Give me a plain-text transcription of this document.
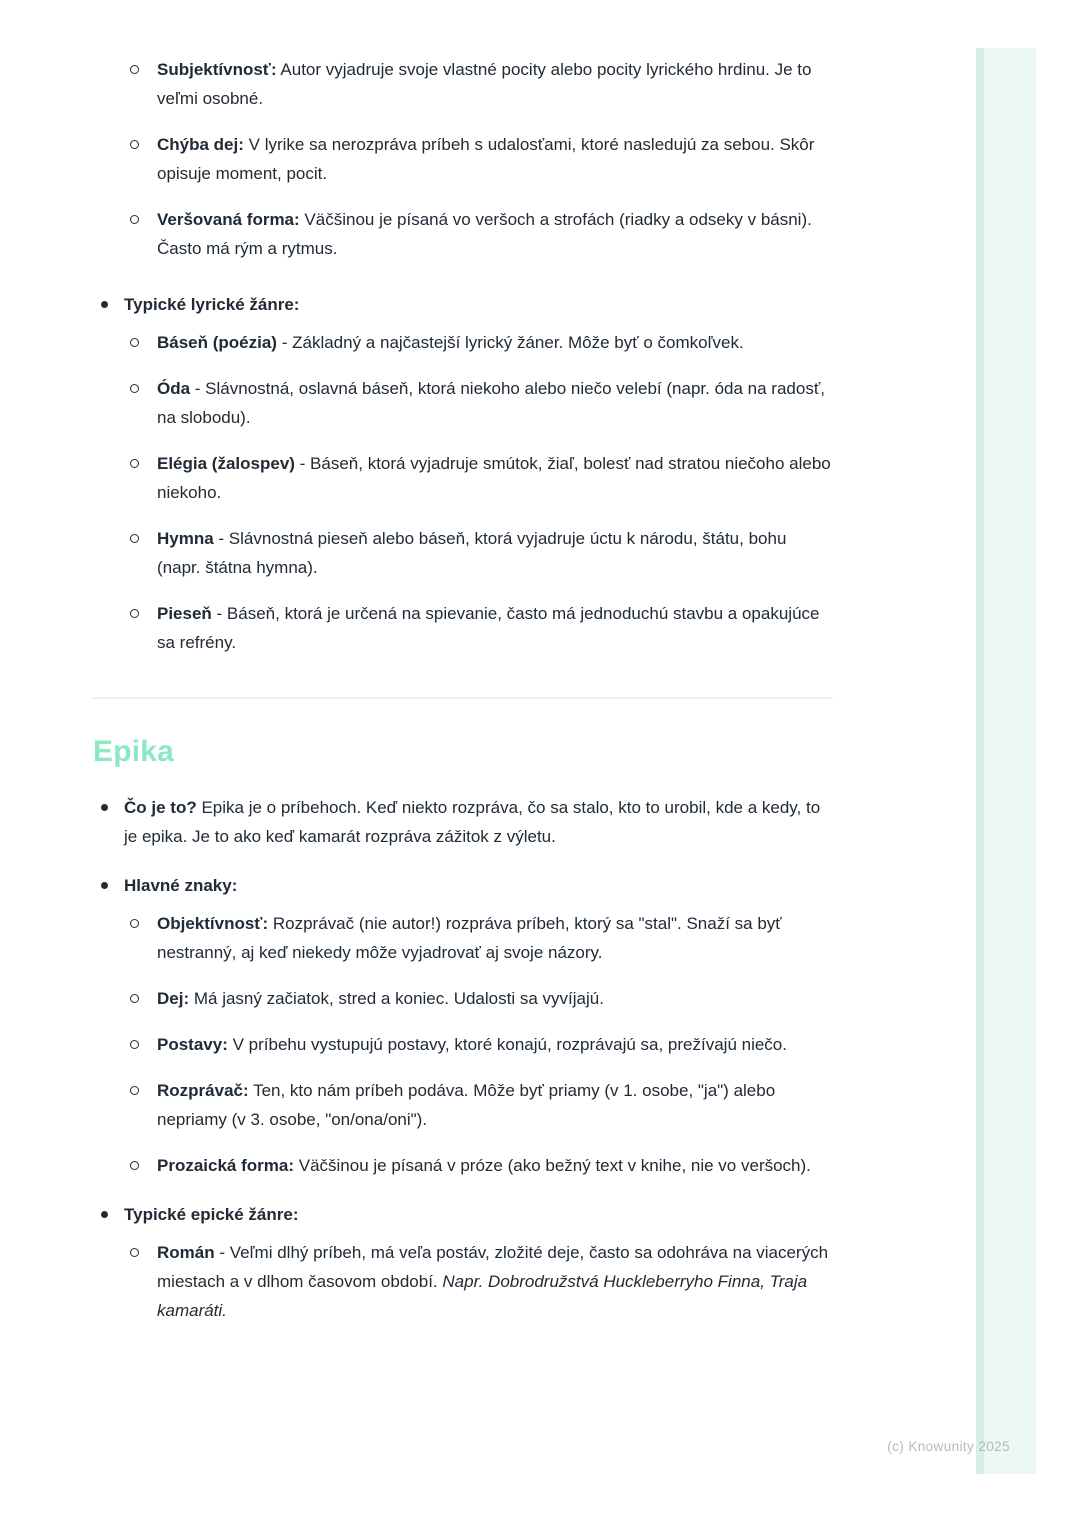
(c) Knowunity 2025
Subjektívnosť: Autor vyjadruje svoje vlastné pocity alebo pocity lyrického hrdinu. Je to veľmi osobné.
Chýba dej: V lyrike sa nerozpráva príbeh s udalosťami, ktoré nasledujú za sebou. Skôr opisuje moment, pocit.
Veršovaná forma: Väčšinou je písaná vo veršoch a strofách (riadky a odseky v básni). Často má rým a rytmus.
Typické lyrické žánre:
Báseň (poézia) - Základný a najčastejší lyrický žáner. Môže byť o čomkoľvek.
Óda - Slávnostná, oslavná báseň, ktorá niekoho alebo niečo velebí (napr. óda na radosť, na slobodu).
Elégia (žalospev) - Báseň, ktorá vyjadruje smútok, žiaľ, bolesť nad stratou niečoho alebo niekoho.
Hymna - Slávnostná pieseň alebo báseň, ktorá vyjadruje úctu k národu, štátu, bohu (napr. štátna hymna).
Pieseň - Báseň, ktorá je určená na spievanie, často má jednoduchú stavbu a opakujúce sa refrény.
Epika
Čo je to? Epika je o príbehoch. Keď niekto rozpráva, čo sa stalo, kto to urobil, kde a kedy, to je epika. Je to ako keď kamarát rozpráva zážitok z výletu.
Hlavné znaky:
Objektívnosť: Rozprávač (nie autor!) rozpráva príbeh, ktorý sa "stal". Snaží sa byť nestranný, aj keď niekedy môže vyjadrovať aj svoje názory.
Dej: Má jasný začiatok, stred a koniec. Udalosti sa vyvíjajú.
Postavy: V príbehu vystupujú postavy, ktoré konajú, rozprávajú sa, prežívajú niečo.
Rozprávač: Ten, kto nám príbeh podáva. Môže byť priamy (v 1. osobe, "ja") alebo nepriamy (v 3. osobe, "on/ona/oni").
Prozaická forma: Väčšinou je písaná v próze (ako bežný text v knihe, nie vo veršoch).
Typické epické žánre:
Román - Veľmi dlhý príbeh, má veľa postáv, zložité deje, často sa odohráva na viacerých miestach a v dlhom časovom období. Napr. Dobrodružstvá Huckleberryho Finna, Traja kamaráti.
